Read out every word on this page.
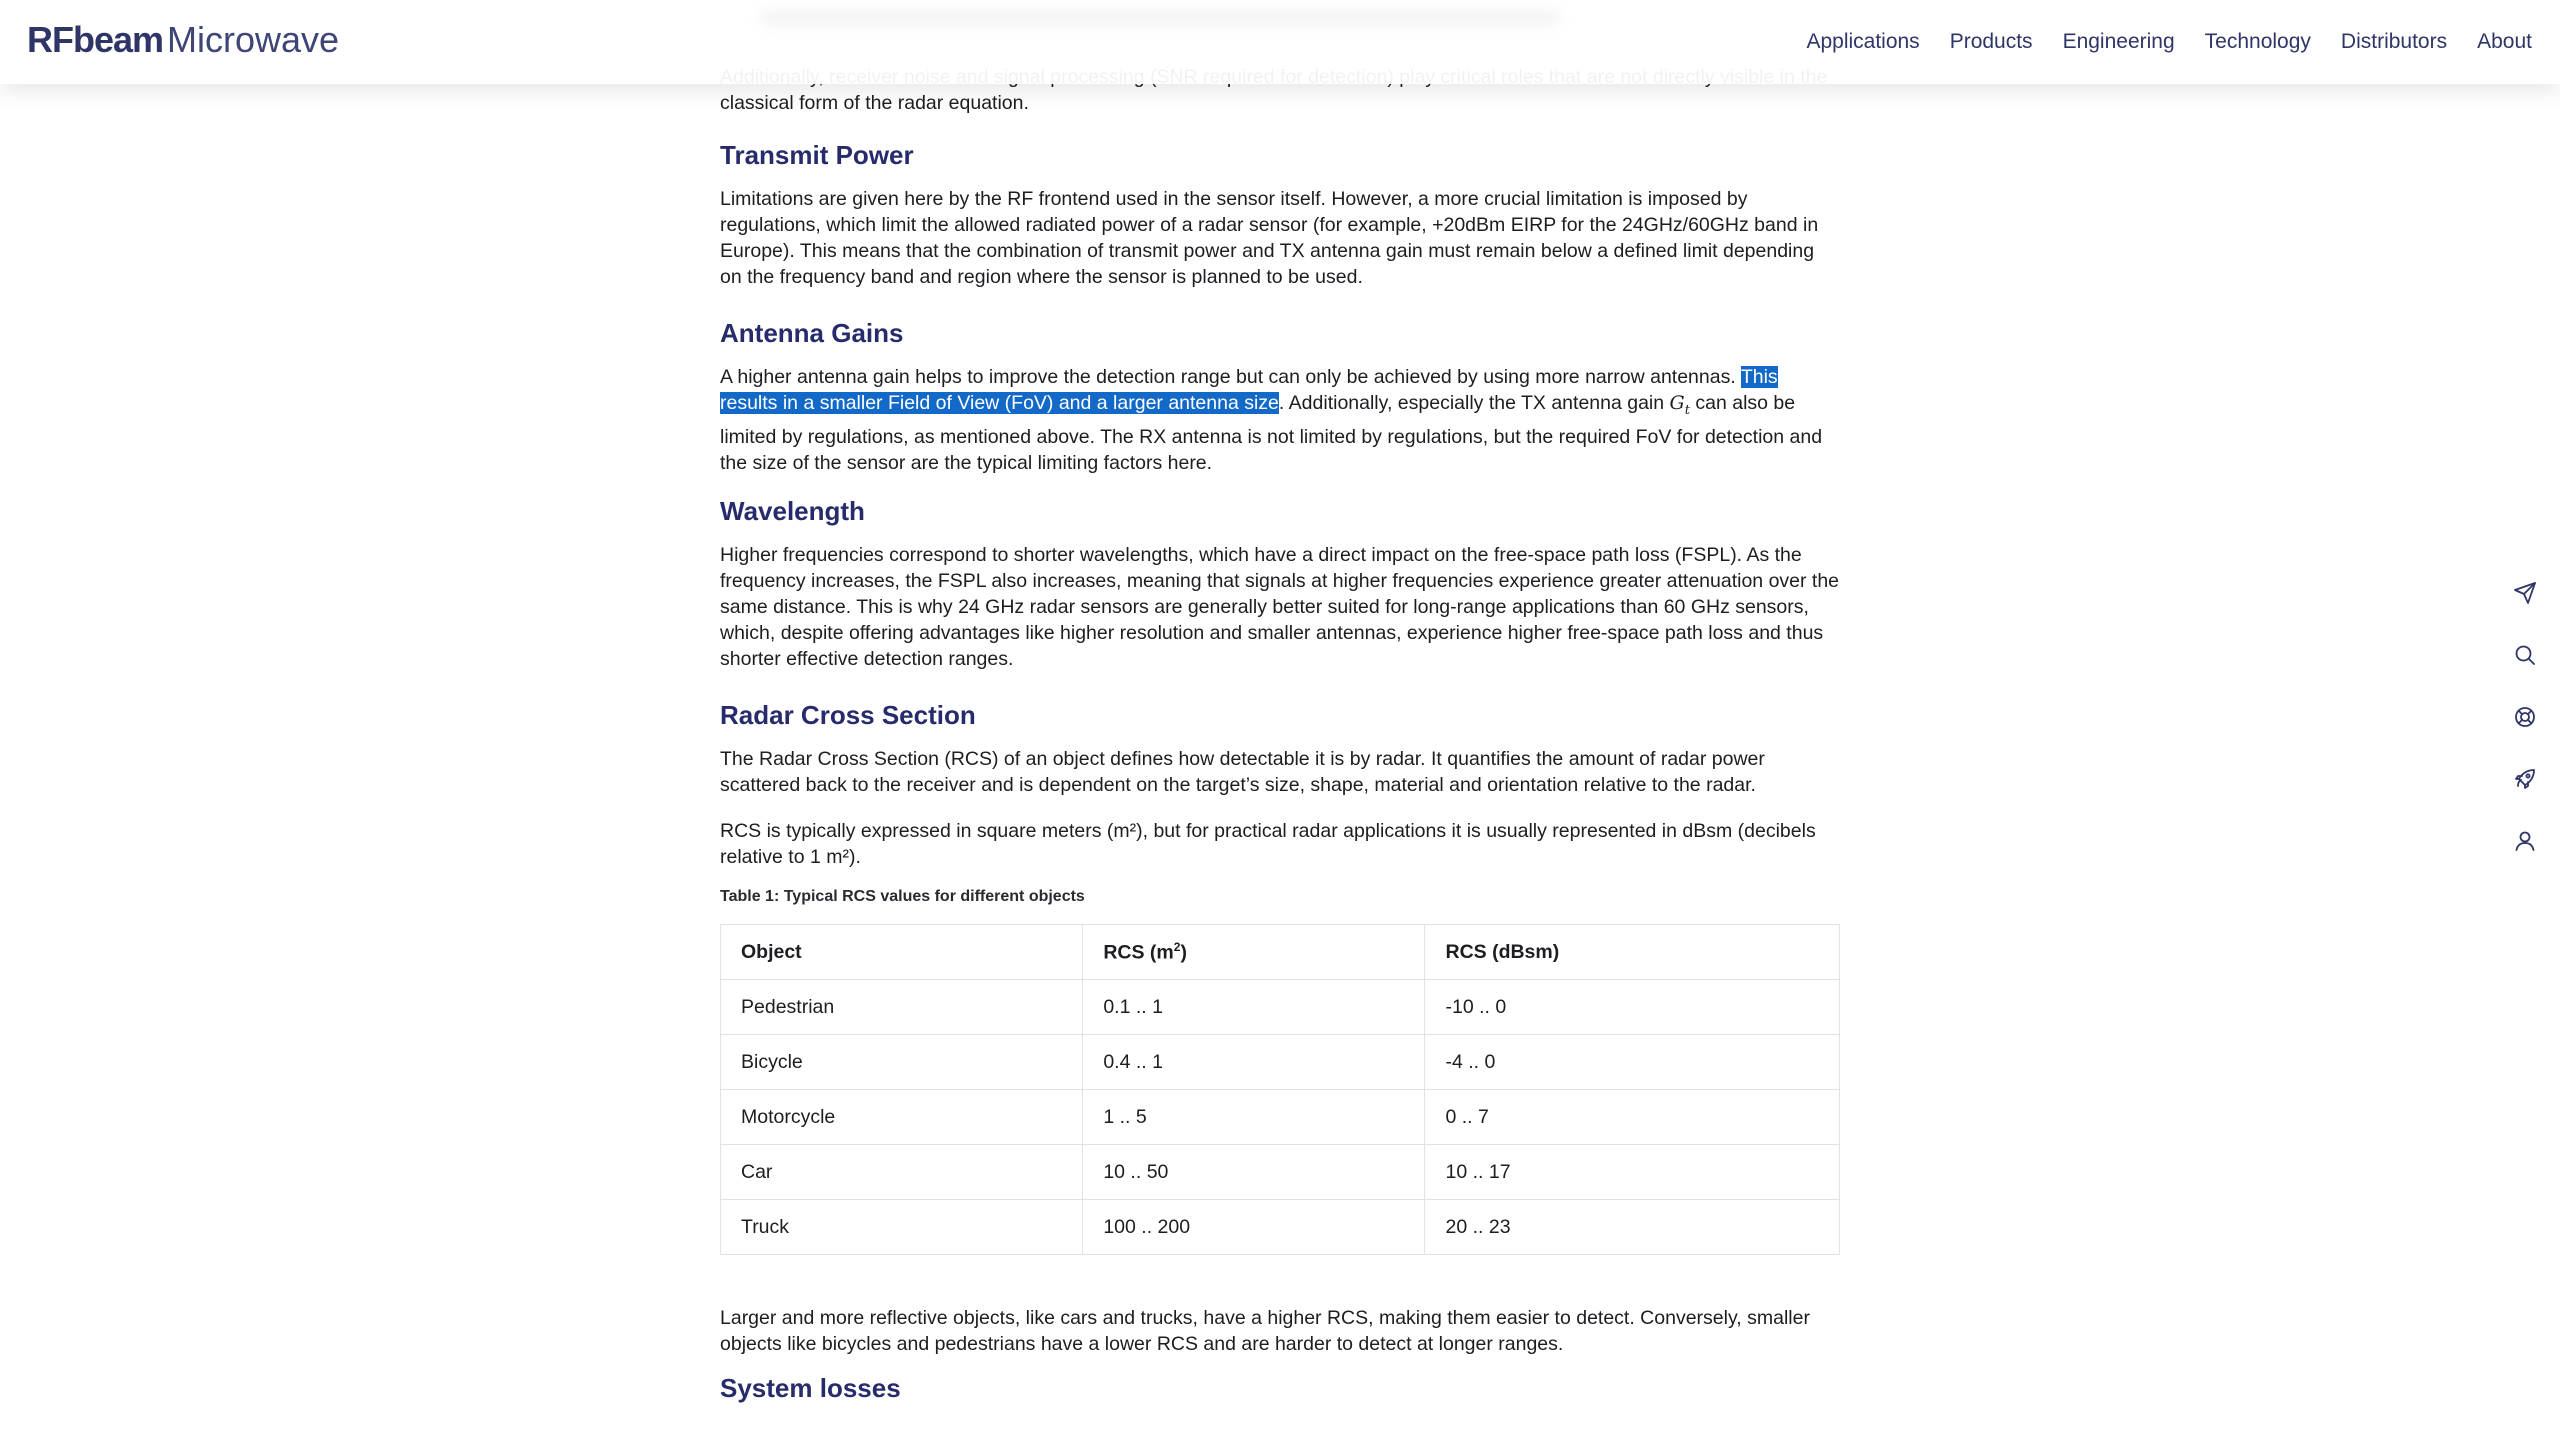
classical form of the radar equation.

Transmit Power

Limitations are given here by the RF frontend used in the sensor itself. However, a more crucial limitation is imposed by regulations, which limit the allowed radiated power of a radar sensor (for example, +20dBm EIRP for the 24GHz/60GHz band in Europe). This means that the combination of transmit power and TX antenna gain must remain below a defined limit depending on the frequency band and region where the sensor is planned to be used.

Antenna Gains

A higher antenna gain helps to improve the detection range but can only be achieved by using more narrow antennas. This results in a smaller Field of View (FoV) and a larger antenna size. Additionally, especially the TX antenna gain $G_t$ can also be limited by regulations, as mentioned above. The RX antenna is not limited by regulations, but the required FoV for detection and the size of the sensor are the typical limiting factors here.

Wavelength

Higher frequencies correspond to shorter wavelengths, which have a direct impact on the free-space path loss (FSPL). As the frequency increases, the FSPL also increases, meaning that signals at higher frequencies experience greater attenuation over the same distance. This is why 24 GHz radar sensors are generally better suited for long-range applications than 60 GHz sensors, which, despite offering advantages like higher resolution and smaller antennas, experience higher free-space path loss and thus shorter effective detection ranges.

Radar Cross Section

The Radar Cross Section (RCS) of an object defines how detectable it is by radar. It quantifies the amount of radar power scattered back to the receiver and is dependent on the target’s size, shape, material and orientation relative to the radar.

RCS is typically expressed in square meters (m²), but for practical radar applications it is usually represented in dBsm (decibels relative to 1 m²).

Table 1: Typical RCS values for different objects
Object	RCS $(m^2)$	RCS (dBsm)
Pedestrian	0.1 .. 1	-10 .. 0
Bicycle	0.4 .. 1	-4 .. 0
Motorcycle	1 .. 5	0 .. 7
Car	10 .. 50	10 .. 17
Truck	100 .. 200	20 .. 23

Larger and more reflective objects, like cars and trucks, have a higher RCS, making them easier to detect. Conversely, smaller objects like bicycles and pedestrians have a lower RCS and are harder to detect at longer ranges.

System losses
RFbeam Microwave	Applications Products Engineering Technology Distributors About
